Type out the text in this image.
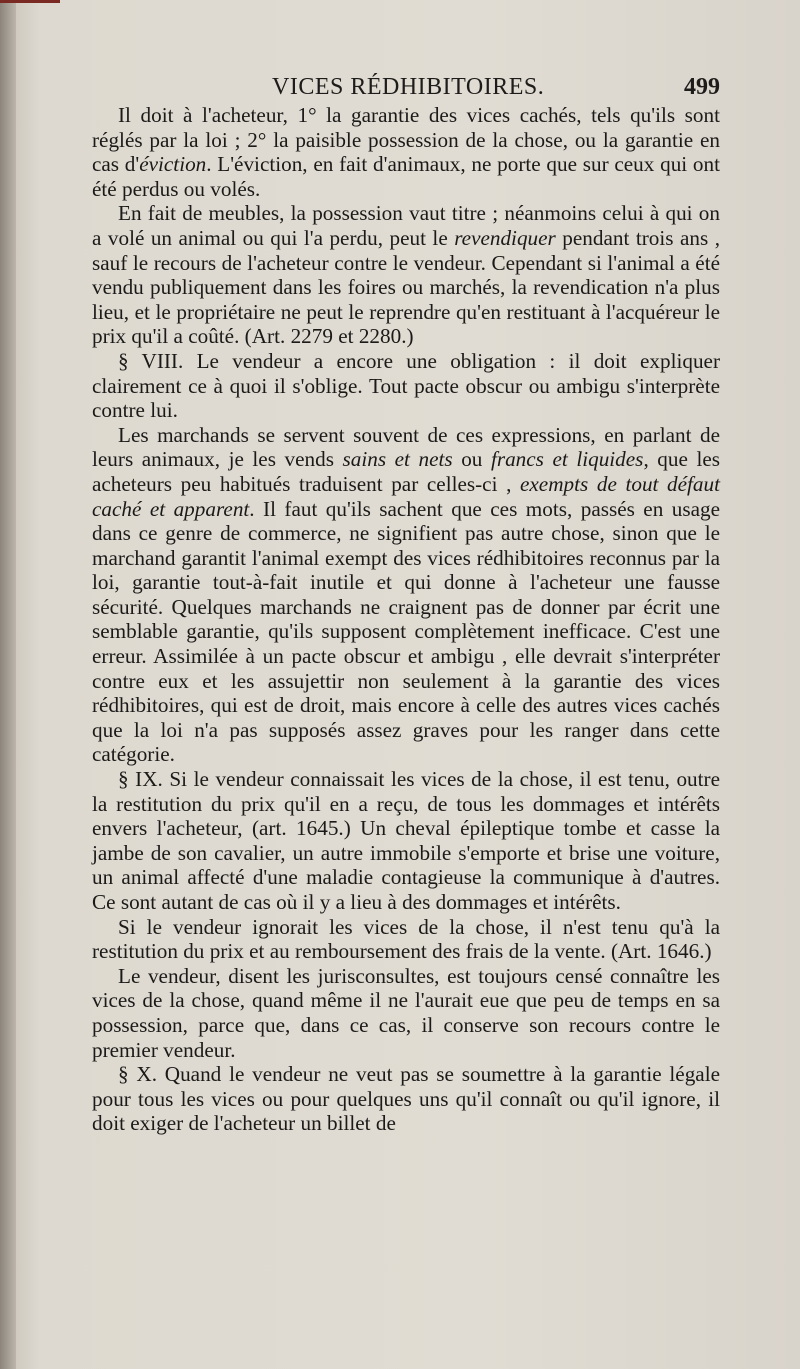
VICES RÉDHIBITOIRES.	499

Il doit à l'acheteur, 1° la garantie des vices cachés, tels qu'ils sont réglés par la loi ; 2° la paisible possession de la chose, ou la garantie en cas d'éviction. L'éviction, en fait d'animaux, ne porte que sur ceux qui ont été perdus ou volés.

En fait de meubles, la possession vaut titre ; néanmoins celui à qui on a volé un animal ou qui l'a perdu, peut le revendiquer pendant trois ans , sauf le recours de l'acheteur contre le vendeur. Cependant si l'animal a été vendu publiquement dans les foires ou marchés, la revendication n'a plus lieu, et le propriétaire ne peut le reprendre qu'en restituant à l'acquéreur le prix qu'il a coûté. (Art. 2279 et 2280.)

§ VIII. Le vendeur a encore une obligation : il doit expliquer clairement ce à quoi il s'oblige. Tout pacte obscur ou ambigu s'interprète contre lui.

Les marchands se servent souvent de ces expressions, en parlant de leurs animaux, je les vends sains et nets ou francs et liquides, que les acheteurs peu habitués traduisent par celles-ci , exempts de tout défaut caché et apparent. Il faut qu'ils sachent que ces mots, passés en usage dans ce genre de commerce, ne signifient pas autre chose, sinon que le marchand garantit l'animal exempt des vices rédhibitoires reconnus par la loi, garantie tout-à-fait inutile et qui donne à l'acheteur une fausse sécurité. Quelques marchands ne craignent pas de donner par écrit une semblable garantie, qu'ils supposent complètement inefficace. C'est une erreur. Assimilée à un pacte obscur et ambigu , elle devrait s'interpréter contre eux et les assujettir non seulement à la garantie des vices rédhibitoires, qui est de droit, mais encore à celle des autres vices cachés que la loi n'a pas supposés assez graves pour les ranger dans cette catégorie.

§ IX. Si le vendeur connaissait les vices de la chose, il est tenu, outre la restitution du prix qu'il en a reçu, de tous les dommages et intérêts envers l'acheteur, (art. 1645.) Un cheval épileptique tombe et casse la jambe de son cavalier, un autre immobile s'emporte et brise une voiture, un animal affecté d'une maladie contagieuse la communique à d'autres. Ce sont autant de cas où il y a lieu à des dommages et intérêts.

Si le vendeur ignorait les vices de la chose, il n'est tenu qu'à la restitution du prix et au remboursement des frais de la vente. (Art. 1646.)

Le vendeur, disent les jurisconsultes, est toujours censé connaître les vices de la chose, quand même il ne l'aurait eue que peu de temps en sa possession, parce que, dans ce cas, il conserve son recours contre le premier vendeur.

§ X. Quand le vendeur ne veut pas se soumettre à la garantie légale pour tous les vices ou pour quelques uns qu'il connaît ou qu'il ignore, il doit exiger de l'acheteur un billet de
